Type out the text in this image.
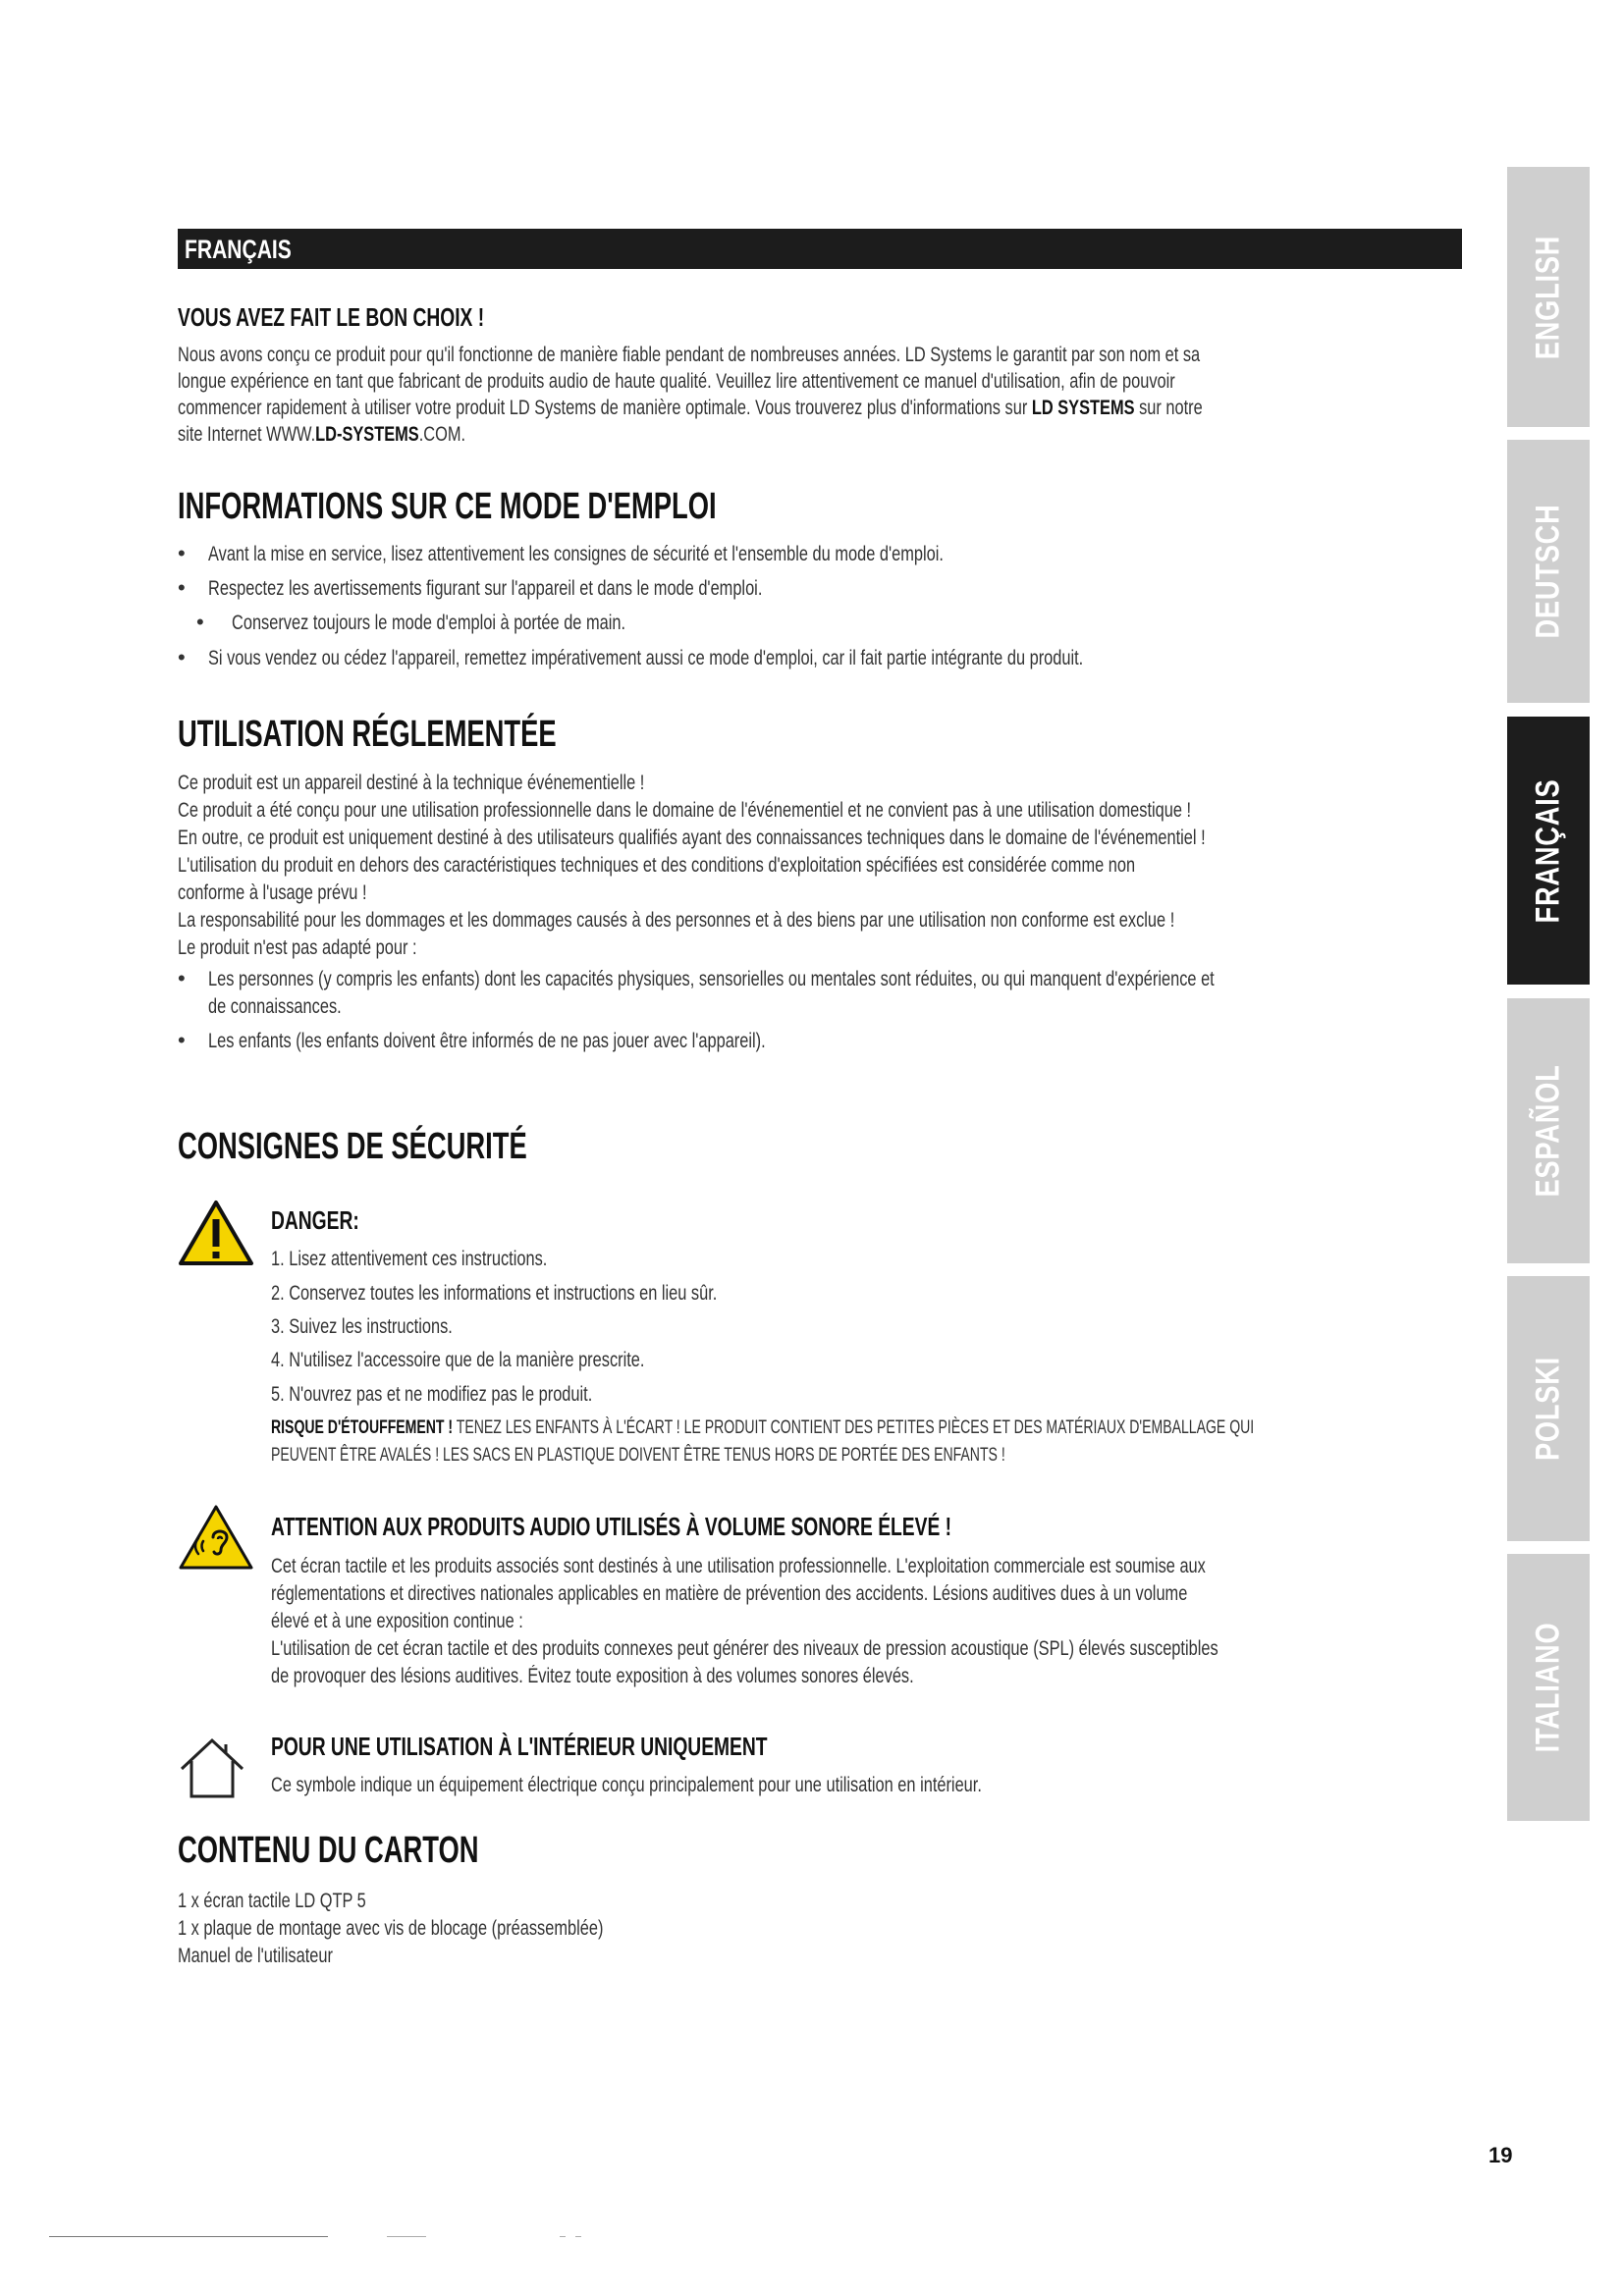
FRANÇAIS
VOUS AVEZ FAIT LE BON CHOIX !
Nous avons conçu ce produit pour qu'il fonctionne de manière fiable pendant de nombreuses années. LD Systems le garantit par son nom et sa
longue expérience en tant que fabricant de produits audio de haute qualité. Veuillez lire attentivement ce manuel d'utilisation, afin de pouvoir
commencer rapidement à utiliser votre produit LD Systems de manière optimale. Vous trouverez plus d'informations sur LD SYSTEMS sur notre
site Internet WWW.LD-SYSTEMS.COM.
INFORMATIONS SUR CE MODE D'EMPLOI
• Avant la mise en service, lisez attentivement les consignes de sécurité et l'ensemble du mode d'emploi.
• Respectez les avertissements figurant sur l'appareil et dans le mode d'emploi.
• Conservez toujours le mode d'emploi à portée de main.
• Si vous vendez ou cédez l'appareil, remettez impérativement aussi ce mode d'emploi, car il fait partie intégrante du produit.
UTILISATION RÉGLEMENTÉE
Ce produit est un appareil destiné à la technique événementielle !
Ce produit a été conçu pour une utilisation professionnelle dans le domaine de l'événementiel et ne convient pas à une utilisation domestique !
En outre, ce produit est uniquement destiné à des utilisateurs qualifiés ayant des connaissances techniques dans le domaine de l'événementiel !
L'utilisation du produit en dehors des caractéristiques techniques et des conditions d'exploitation spécifiées est considérée comme non
conforme à l'usage prévu !
La responsabilité pour les dommages et les dommages causés à des personnes et à des biens par une utilisation non conforme est exclue !
Le produit n'est pas adapté pour :
• Les personnes (y compris les enfants) dont les capacités physiques, sensorielles ou mentales sont réduites, ou qui manquent d'expérience et
de connaissances.
• Les enfants (les enfants doivent être informés de ne pas jouer avec l'appareil).
CONSIGNES DE SÉCURITÉ
DANGER:
1. Lisez attentivement ces instructions.
2. Conservez toutes les informations et instructions en lieu sûr.
3. Suivez les instructions.
4. N'utilisez l'accessoire que de la manière prescrite.
5. N'ouvrez pas et ne modifiez pas le produit.
RISQUE D'ÉTOUFFEMENT ! TENEZ LES ENFANTS À L'ÉCART ! LE PRODUIT CONTIENT DES PETITES PIÈCES ET DES MATÉRIAUX D'EMBALLAGE QUI
PEUVENT ÊTRE AVALÉS ! LES SACS EN PLASTIQUE DOIVENT ÊTRE TENUS HORS DE PORTÉE DES ENFANTS !
ATTENTION AUX PRODUITS AUDIO UTILISÉS À VOLUME SONORE ÉLEVÉ !
Cet écran tactile et les produits associés sont destinés à une utilisation professionnelle. L'exploitation commerciale est soumise aux
réglementations et directives nationales applicables en matière de prévention des accidents. Lésions auditives dues à un volume
élevé et à une exposition continue :
L'utilisation de cet écran tactile et des produits connexes peut générer des niveaux de pression acoustique (SPL) élevés susceptibles
de provoquer des lésions auditives. Évitez toute exposition à des volumes sonores élevés.
POUR UNE UTILISATION À L'INTÉRIEUR UNIQUEMENT
Ce symbole indique un équipement électrique conçu principalement pour une utilisation en intérieur.
CONTENU DU CARTON
1 x écran tactile LD QTP 5
1 x plaque de montage avec vis de blocage (préassemblée)
Manuel de l'utilisateur
ENGLISH
DEUTSCH
FRANÇAIS
ESPAÑOL
POLSKI
ITALIANO
19
